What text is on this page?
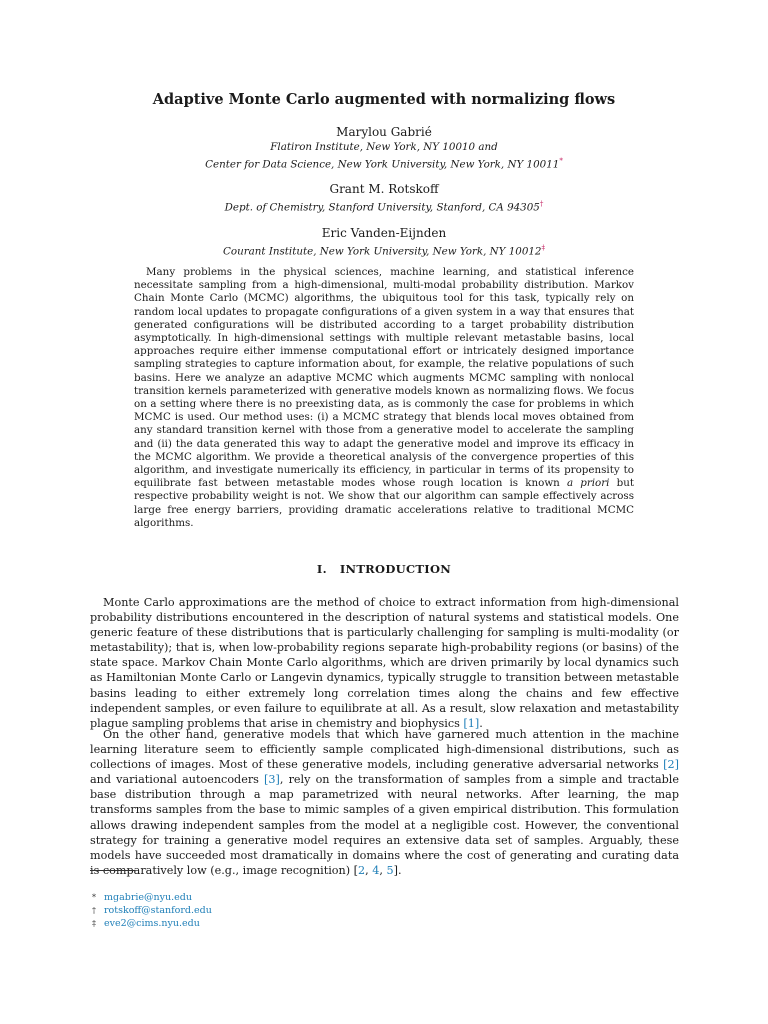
Adaptive Monte Carlo augmented with normalizing flows
Marylou Gabrié
Flatiron Institute, New York, NY 10010 and
Center for Data Science, New York University, New York, NY 10011*
Grant M. Rotskoff
Dept. of Chemistry, Stanford University, Stanford, CA 94305†
Eric Vanden-Eijnden
Courant Institute, New York University, New York, NY 10012‡

Many problems in the physical sciences, machine learning, and statistical inference necessitate sampling from a high-dimensional, multi-modal probability distribution. Markov Chain Monte Carlo (MCMC) algorithms, the ubiquitous tool for this task, typically rely on random local updates to propagate configurations of a given system in a way that ensures that generated configurations will be distributed according to a target probability distribution asymptotically. In high-dimensional settings with multiple relevant metastable basins, local approaches require either immense computational effort or intricately designed importance sampling strategies to capture information about, for example, the relative populations of such basins. Here we analyze an adaptive MCMC which augments MCMC sampling with nonlocal transition kernels parameterized with generative models known as normalizing flows. We focus on a setting where there is no preexisting data, as is commonly the case for problems in which MCMC is used. Our method uses: (i) a MCMC strategy that blends local moves obtained from any standard transition kernel with those from a generative model to accelerate the sampling and (ii) the data generated this way to adapt the generative model and improve its efficacy in the MCMC algorithm. We provide a theoretical analysis of the convergence properties of this algorithm, and investigate numerically its efficiency, in particular in terms of its propensity to equilibrate fast between metastable modes whose rough location is known a priori but respective probability weight is not. We show that our algorithm can sample effectively across large free energy barriers, providing dramatic accelerations relative to traditional MCMC algorithms.

I. INTRODUCTION

Monte Carlo approximations are the method of choice to extract information from high-dimensional probability distributions encountered in the description of natural systems and statistical models. One generic feature of these distributions that is particularly challenging for sampling is multi-modality (or metastability); that is, when low-probability regions separate high-probability regions (or basins) of the state space. Markov Chain Monte Carlo algorithms, which are driven primarily by local dynamics such as Hamiltonian Monte Carlo or Langevin dynamics, typically struggle to transition between metastable basins leading to either extremely long correlation times along the chains and few effective independent samples, or even failure to equilibrate at all. As a result, slow relaxation and metastability plague sampling problems that arise in chemistry and biophysics [1].

On the other hand, generative models that which have garnered much attention in the machine learning literature seem to efficiently sample complicated high-dimensional distributions, such as collections of images. Most of these generative models, including generative adversarial networks [2] and variational autoencoders [3], rely on the transformation of samples from a simple and tractable base distribution through a map parametrized with neural networks. After learning, the map transforms samples from the base to mimic samples of a given empirical distribution. This formulation allows drawing independent samples from the model at a negligible cost. However, the conventional strategy for training a generative model requires an extensive data set of samples. Arguably, these models have succeeded most dramatically in domains where the cost of generating and curating data is comparatively low (e.g., image recognition) [2, 4, 5].

* mgabrie@nyu.edu
† rotskoff@stanford.edu
‡ eve2@cims.nyu.edu
